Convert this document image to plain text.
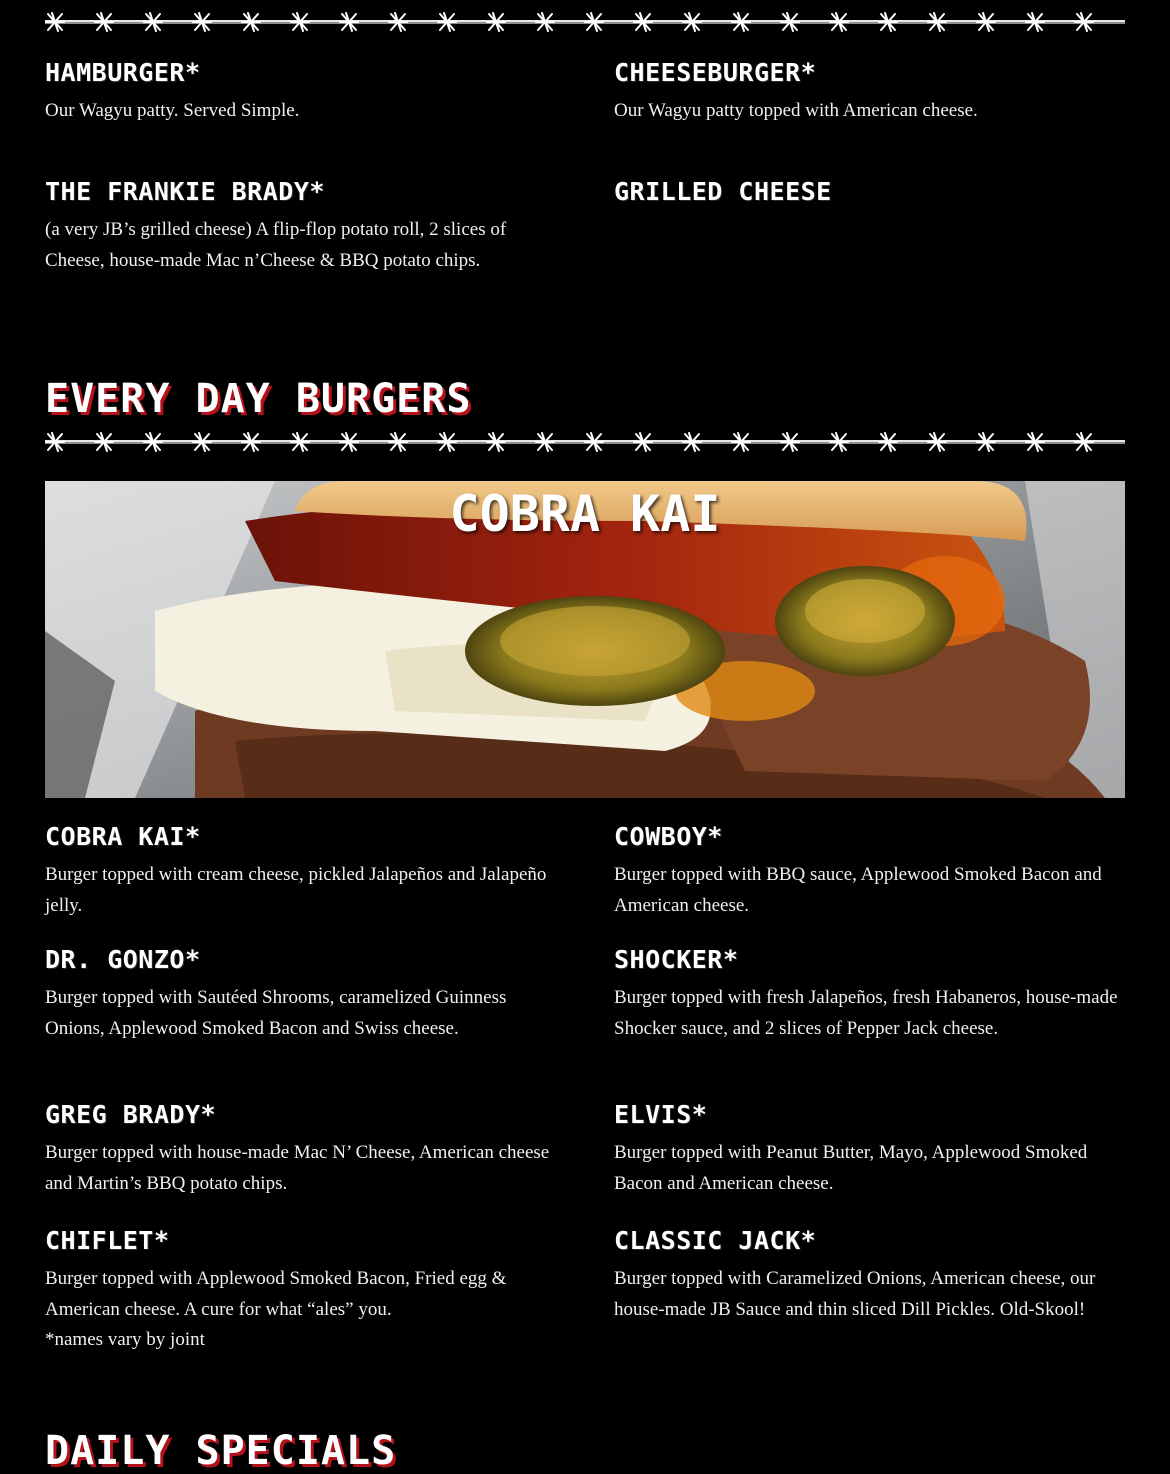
HAMBURGER*

Our Wagyu patty. Served Simple.

CHEESEBURGER*

Our Wagyu patty topped with American cheese.

THE FRANKIE BRADY*

(a very JB’s grilled cheese) A flip-flop potato roll, 2 slices of Cheese, house-made Mac n’Cheese & BBQ potato chips.

GRILLED CHEESE

EVERY DAY BURGERS
COBRA KAI
COBRA KAI*

Burger topped with cream cheese, pickled Jalapeños and Jalapeño jelly.

COWBOY*

Burger topped with BBQ sauce, Applewood Smoked Bacon and American cheese.

DR. GONZO*

Burger topped with Sautéed Shrooms, caramelized Guinness Onions, Applewood Smoked Bacon and Swiss cheese.

SHOCKER*

Burger topped with fresh Jalapeños, fresh Habaneros, house-made Shocker sauce, and 2 slices of Pepper Jack cheese.

GREG BRADY*

Burger topped with house-made Mac N’ Cheese, American cheese and Martin’s BBQ potato chips.

ELVIS*

Burger topped with Peanut Butter, Mayo, Applewood Smoked Bacon and American cheese.

CHIFLET*

Burger topped with Applewood Smoked Bacon, Fried egg & American cheese. A cure for what “ales” you.
*names vary by joint

CLASSIC JACK*

Burger topped with Caramelized Onions, American cheese, our house-made JB Sauce and thin sliced Dill Pickles. Old-Skool!

DAILY SPECIALS
